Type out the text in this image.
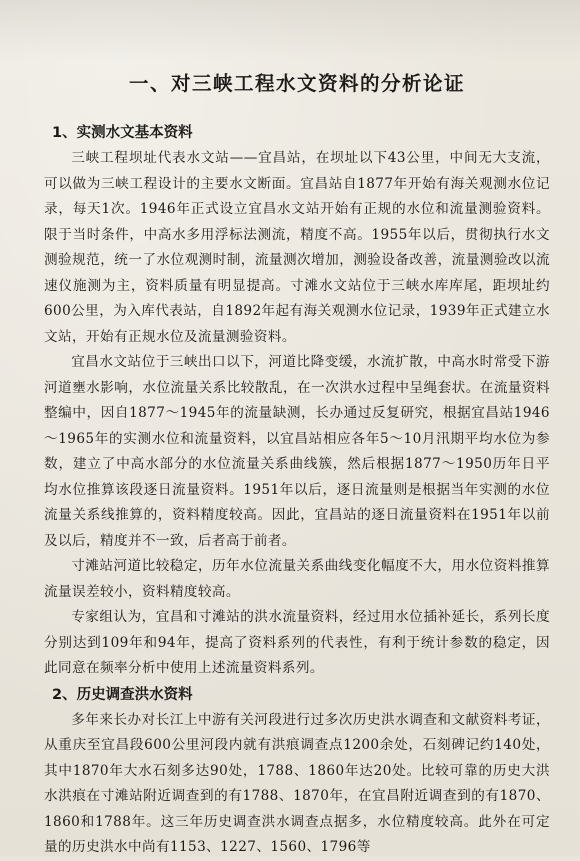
一、对三峡工程水文资料的分析论证
1、实测水文基本资料

三峡工程坝址代表水文站——宜昌站，在坝址以下43公里，中间无大支流，可以做为三峡工程设计的主要水文断面。宜昌站自1877年开始有海关观测水位记录，每天1次。1946年正式设立宜昌水文站开始有正规的水位和流量测验资料。限于当时条件，中高水多用浮标法测流，精度不高。1955年以后，贯彻执行水文测验规范，统一了水位观测时制，流量测次增加，测验设备改善，流量测验改以流速仪施测为主，资料质量有明显提高。寸滩水文站位于三峡水库库尾，距坝址约600公里，为入库代表站，自1892年起有海关观测水位记录，1939年正式建立水文站，开始有正规水位及流量测验资料。

宜昌水文站位于三峡出口以下，河道比降变缓，水流扩散，中高水时常受下游河道壅水影响，水位流量关系比较散乱，在一次洪水过程中呈绳套状。在流量资料整编中，因自1877～1945年的流量缺测，长办通过反复研究，根据宜昌站1946～1965年的实测水位和流量资料，以宜昌站相应各年5～10月汛期平均水位为参数，建立了中高水部分的水位流量关系曲线簇，然后根据1877～1950历年日平均水位推算该段逐日流量资料。1951年以后，逐日流量则是根据当年实测的水位流量关系线推算的，资料精度较高。因此，宜昌站的逐日流量资料在1951年以前及以后，精度并不一致，后者高于前者。

寸滩站河道比较稳定，历年水位流量关系曲线变化幅度不大，用水位资料推算流量误差较小，资料精度较高。

专家组认为，宜昌和寸滩站的洪水流量资料，经过用水位插补延长，系列长度分别达到109年和94年，提高了资料系列的代表性，有利于统计参数的稳定，因此同意在频率分析中使用上述流量资料系列。

2、历史调查洪水资料

多年来长办对长江上中游有关河段进行过多次历史洪水调查和文献资料考证，从重庆至宜昌段600公里河段内就有洪痕调查点1200余处，石刻碑记约140处，其中1870年大水石刻多达90处，1788、1860年达20处。比较可靠的历史大洪水洪痕在寸滩站附近调查到的有1788、1870年，在宜昌附近调查到的有1870、1860和1788年。这三年历史调查洪水调查点据多，水位精度较高。此外在可定量的历史洪水中尚有1153、1227、1560、1796等
